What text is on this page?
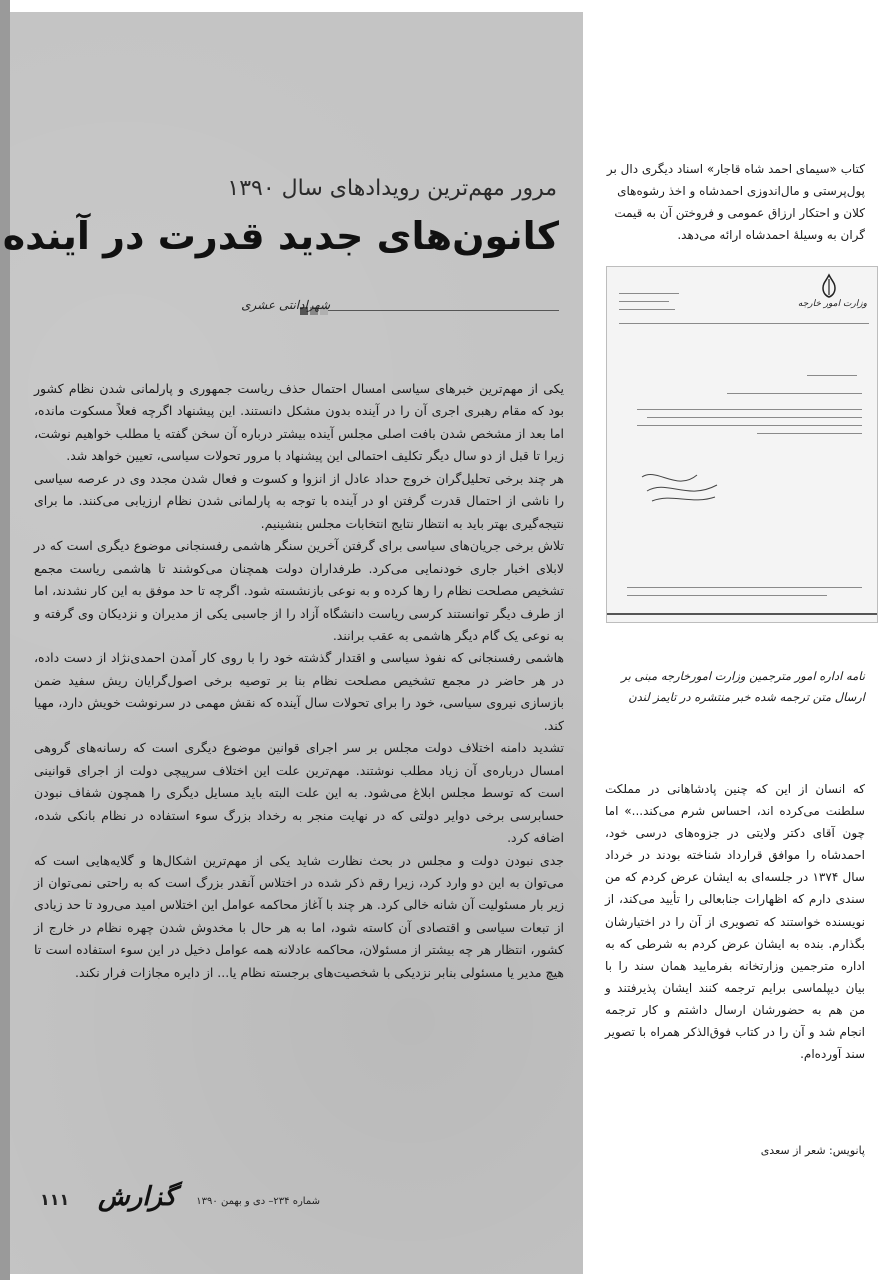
مرور مهم‌ترین رویدادهای سال ۱۳۹۰
کانون‌های جدید قدرت در آینده
شهرادانتی عشری

یکی از مهم‌ترین خبرهای سیاسی امسال احتمال حذف ریاست جمهوری و پارلمانی شدن نظام کشور بود که مقام رهبری اجری آن را در آینده بدون مشکل دانستند. این پیشنهاد اگرچه فعلاً مسکوت مانده، اما بعد از مشخص شدن بافت اصلی مجلس آینده بیشتر درباره آن سخن گفته یا مطلب خواهیم نوشت، زیرا تا قبل از دو سال دیگر تکلیف احتمالی این پیشنهاد با مرور تحولات سیاسی، تعیین خواهد شد.

هر چند برخی تحلیل‌گران خروج حداد عادل از انزوا و کسوت و فعال شدن مجدد وی در عرصه سیاسی را ناشی از احتمال قدرت گرفتن او در آینده با توجه به پارلمانی شدن نظام ارزیابی می‌کنند. ما برای نتیجه‌گیری بهتر باید به انتظار نتایج انتخابات مجلس بنشینیم.

تلاش برخی جریان‌های سیاسی برای گرفتن آخرین سنگر هاشمی رفسنجانی موضوع دیگری است که در لابلای اخبار جاری خودنمایی می‌کرد. طرفداران دولت همچنان می‌کوشند تا هاشمی ریاست مجمع تشخیص مصلحت نظام را رها کرده و به نوعی بازنشسته شود. اگرچه تا حد موفق به این کار نشدند، اما از طرف دیگر توانستند کرسی ریاست دانشگاه آزاد را از جاسبی یکی از مدیران و نزدیکان وی گرفته و به نوعی یک گام دیگر هاشمی به عقب برانند.

هاشمی رفسنجانی که نفوذ سیاسی و اقتدار گذشته خود را با روی کار آمدن احمدی‌نژاد از دست داده، در هر حاضر در مجمع تشخیص مصلحت نظام بنا بر توصیه برخی اصول‌گرایان ریش سفید ضمن بازسازی نیروی سیاسی، خود را برای تحولات سال آینده که نقش مهمی در سرنوشت خویش دارد، مهیا کند.

تشدید دامنه اختلاف دولت مجلس بر سر اجرای قوانین موضوع دیگری است که رسانه‌های گروهی امسال درباره‌ی آن زیاد مطلب نوشتند. مهم‌ترین علت این اختلاف سرپیچی دولت از اجرای قوانینی است که توسط مجلس ابلاغ می‌شود. به این علت البته باید مسایل دیگری را همچون شفاف نبودن حسابرسی برخی دوایر دولتی که در نهایت منجر به رخداد بزرگ سوء استفاده در نظام بانکی شده، اضافه کرد.

جدی نبودن دولت و مجلس در بحث نظارت شاید یکی از مهم‌ترین اشکال‌ها و گلایه‌هایی است که می‌توان به این دو وارد کرد، زیرا رقم ذکر شده در اختلاس آنقدر بزرگ است که به راحتی نمی‌توان از زیر بار مسئولیت آن شانه خالی کرد. هر چند با آغاز محاکمه عوامل این اختلاس امید می‌رود تا حد زیادی از تبعات سیاسی و اقتصادی آن کاسته شود، اما به هر حال با مخدوش شدن چهره نظام در خارج از کشور، انتظار هر چه بیشتر از مسئولان، محاکمه عادلانه همه عوامل دخیل در این سوء استفاده است تا هیچ مدیر یا مسئولی بنابر نزدیکی با شخصیت‌های برجسته نظام یا... از دایره مجازات فرار نکند.

۱۱۱ گزارش	شماره ۲۳۴– دی و بهمن ۱۳۹۰

کتاب «سیمای احمد شاه قاجار» اسناد دیگری دال بر پول‌پرستی و مال‌اندوزی احمدشاه و اخذ رشوه‌های کلان و احتکار ارزاق عمومی و فروختن آن به قیمت گران به وسیلهٔ احمدشاه ارائه می‌دهد.

وزارت امور خارجه

نامه اداره امور مترجمین وزارت امورخارجه مبنی بر ارسال متن ترجمه شده خبر منتشره در تایمز لندن

که انسان از این که چنین پادشاهانی در مملکت سلطنت می‌کرده اند، احساس شرم می‌کند...» اما چون آقای دکتر ولایتی در جزوه‌های درسی خود، احمدشاه را موافق قرارداد شناخته بودند در خرداد سال ۱۳۷۴ در جلسه‌ای به ایشان عرض کردم که من سندی دارم که اظهارات جنابعالی را تأیید می‌کند، از نویسنده خواستند که تصویری از آن را در اختیارشان بگذارم. بنده به ایشان عرض کردم به شرطی که به اداره مترجمین وزارتخانه بفرمایید همان سند را با بیان دیپلماسی برایم ترجمه کنند ایشان پذیرفتند و من هم به حضورشان ارسال داشتم و کار ترجمه انجام شد و آن را در کتاب فوق‌الذکر همراه با تصویر سند آورده‌ام.

پانویس: شعر از سعدی
